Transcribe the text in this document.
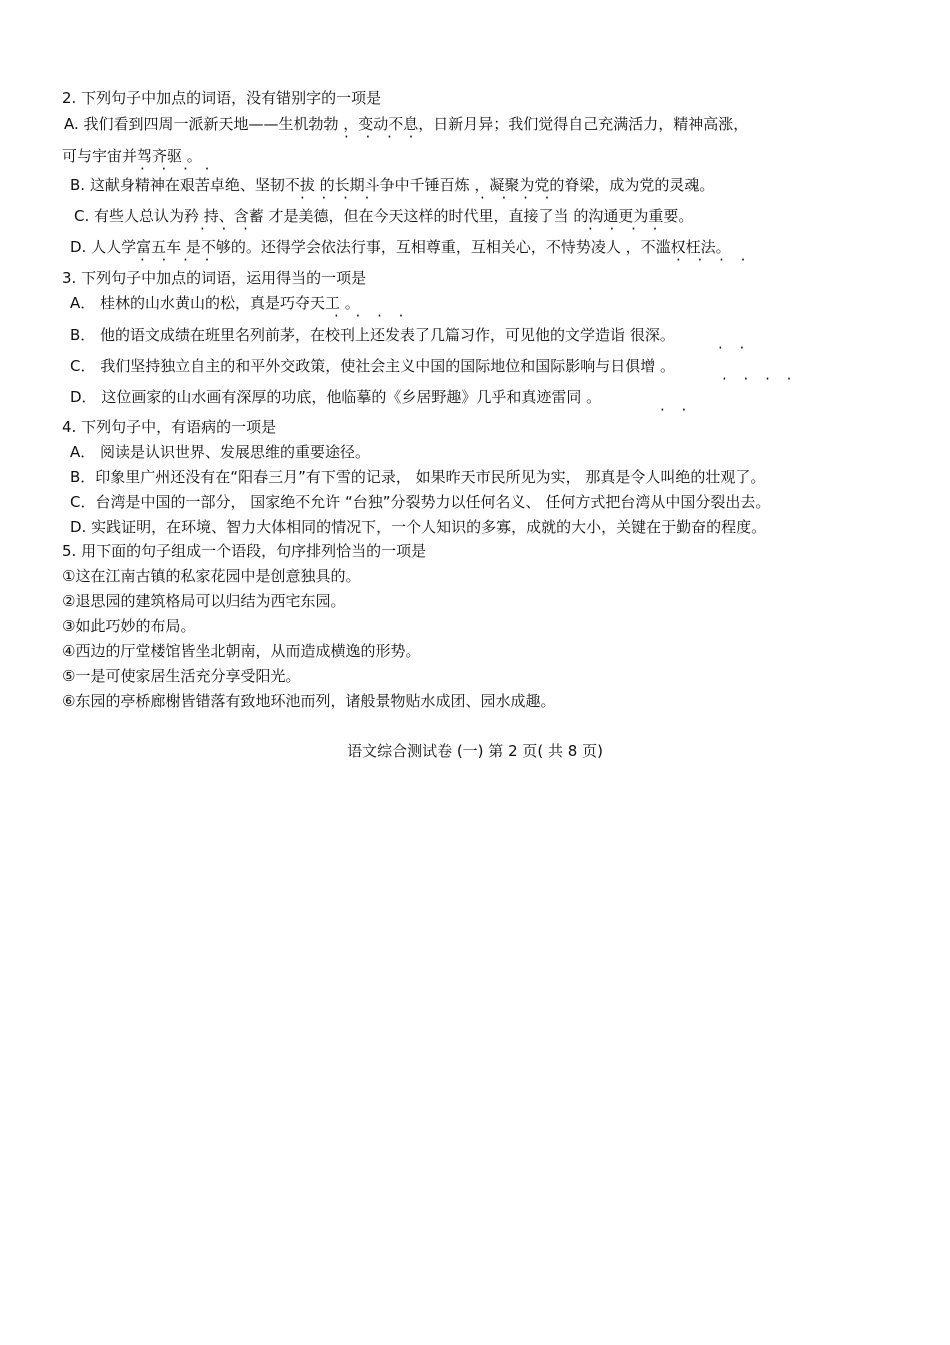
2. 下列句子中加点的词语，没有错别字的一项是
A. 我们看到四周一派新天地——生机勃勃 ，变动不息，日新月异；我们觉得自己充满活力，精神高涨，
· · · ·
可与宇宙并驾齐驱 。
· · · ·
B. 这献身精神在艰苦卓绝、坚韧不拔 的长期斗争中千锤百炼 ，凝聚为党的脊梁，成为党的灵魂。
· · · ·	· · · ·
C. 有些人总认为矜 持、含蓄 才是美德，但在今天这样的时代里，直接了当 的沟通更为重要。
· · ·	· · · ·
D. 人人学富五车 是不够的。还得学会依法行事，互相尊重，互相关心，不恃势凌人 ，不滥权枉法。
· · · ·	· · · ·
3. 下列句子中加点的词语，运用得当的一项是
A． 桂林的山水黄山的松，真是巧夺天工 。
· · · ·
B． 他的语文成绩在班里名列前茅，在校刊上还发表了几篇习作，可见他的文学造诣 很深。
· ·
C． 我们坚持独立自主的和平外交政策，使社会主义中国的国际地位和国际影响与日俱增 。
· · · ·
D． 这位画家的山水画有深厚的功底，他临摹的《乡居野趣》几乎和真迹雷同 。
· ·
4. 下列句子中，有语病的一项是
A． 阅读是认识世界、发展思维的重要途径。
B．印象里广州还没有在“阳春三月”有下雪的记录， 如果昨天市民所见为实， 那真是令人叫绝的壮观了。
C．台湾是中国的一部分， 国家绝不允许 “台独”分裂势力以任何名义、 任何方式把台湾从中国分裂出去。
D. 实践证明，在环境、智力大体相同的情况下，一个人知识的多寡，成就的大小，关键在于勤奋的程度。
5. 用下面的句子组成一个语段，句序排列恰当的一项是
①这在江南古镇的私家花园中是创意独具的。
②退思园的建筑格局可以归结为西宅东园。
③如此巧妙的布局。
④西边的厅堂楼馆皆坐北朝南，从而造成横逸的形势。
⑤一是可使家居生活充分享受阳光。
⑥东园的亭桥廊榭皆错落有致地环池而列，诸般景物贴水成团、园水成趣。
语文综合测试卷 (一) 第 2 页( 共 8 页)
